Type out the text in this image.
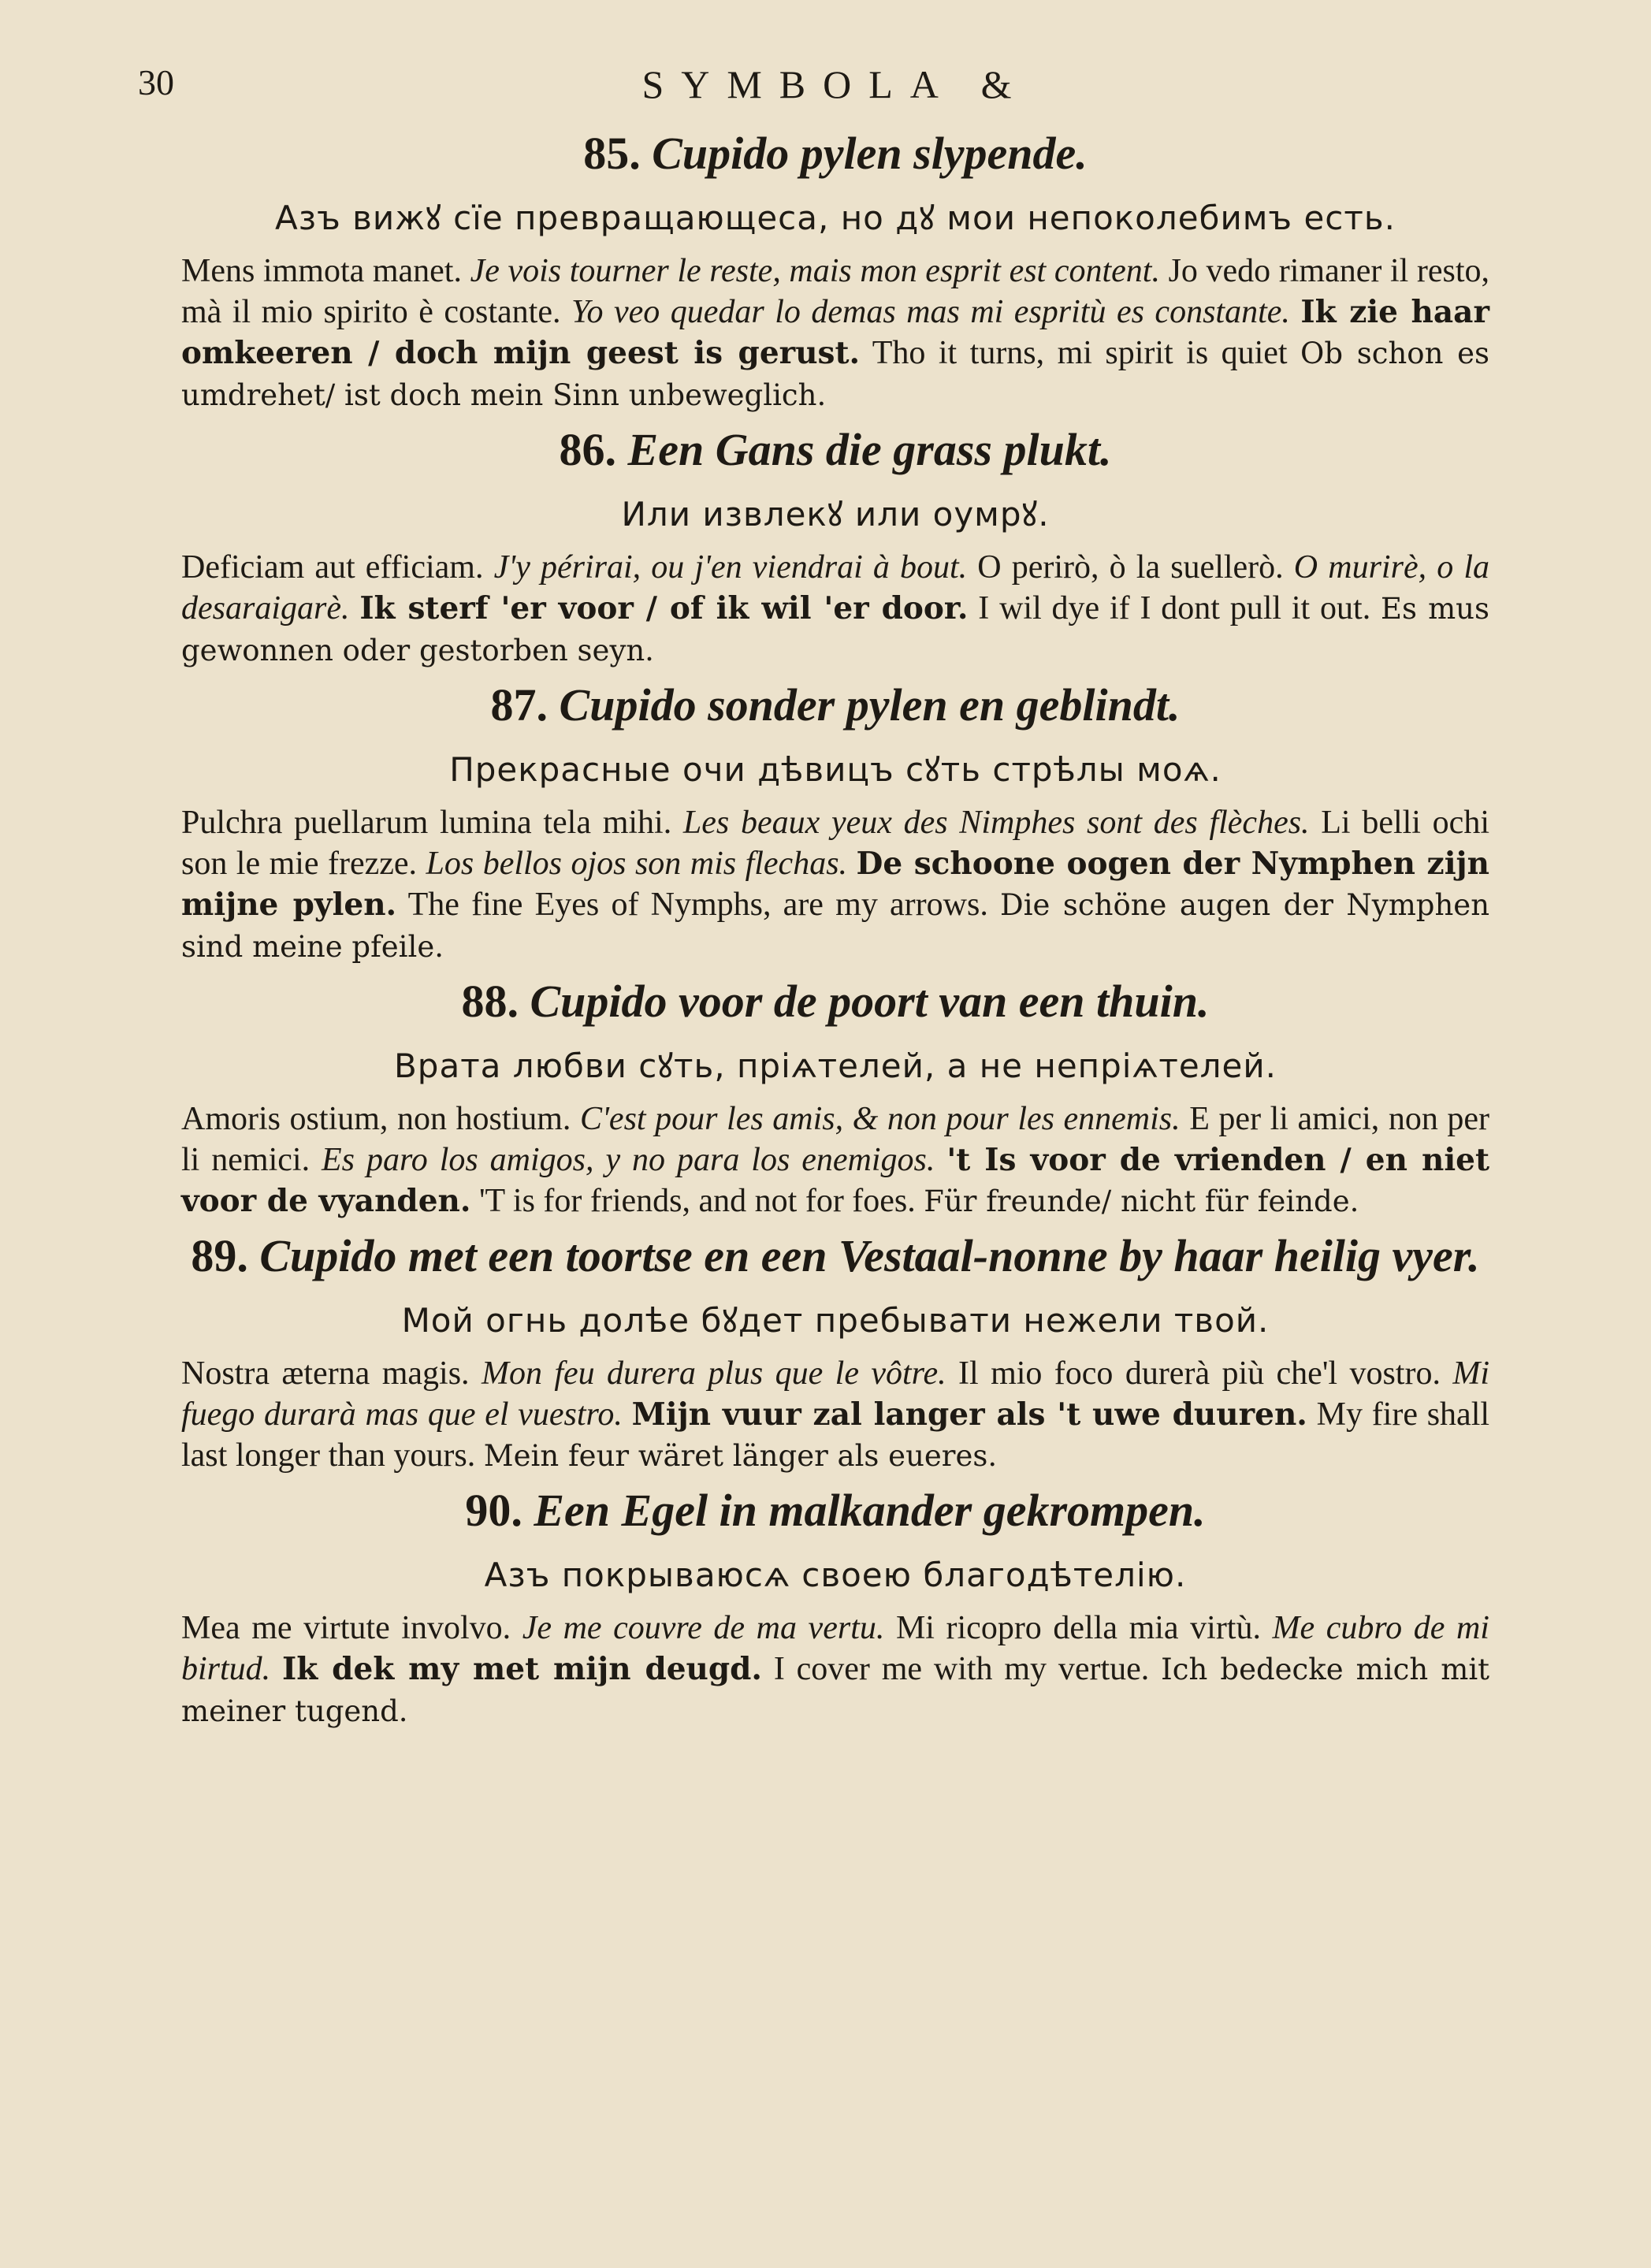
30	SYMBOLA &
85. Cupido pylen slypende.
Азъ вижꙋ сїе превращающеса, но дꙋ мои непоколебимъ есть.

Mens immota manet. Je vois tourner le reste, mais mon esprit est content. Jo vedo rimaner il resto, mà il mio spirito è costante. Yo veo quedar lo demas mas mi espritù es constante. Ik zie haar omkeeren / doch mijn geest is gerust. Tho it turns, mi spirit is quiet Ob schon es umdrehet/ ist doch mein Sinn unbeweglich.

86. Een Gans die grass plukt.
Или извлекꙋ или оумрꙋ.

Deficiam aut efficiam. J'y périrai, ou j'en viendrai à bout. O perirò, ò la suellerò. O murirè, o la desaraigarè. Ik sterf 'er voor / of ik wil 'er door. I wil dye if I dont pull it out. Es mus gewonnen oder gestorben seyn.

87. Cupido sonder pylen en geblindt.
Прекрасные очи дѣвицъ сꙋть стрѣлы моѧ.

Pulchra puellarum lumina tela mihi. Les beaux yeux des Nimphes sont des flèches. Li belli ochi son le mie frezze. Los bellos ojos son mis flechas. De schoone oogen der Nymphen zijn mijne pylen. The fine Eyes of Nymphs, are my arrows. Die schöne augen der Nymphen sind meine pfeile.

88. Cupido voor de poort van een thuin.
Врата любви сꙋть, пріѧтелей, а не непріѧтелей.

Amoris ostium, non hostium. C'est pour les amis, & non pour les ennemis. E per li amici, non per li nemici. Es paro los amigos, y no para los enemigos. 't Is voor de vrienden / en niet voor de vyanden. 'T is for friends, and not for foes. Für freunde/ nicht für feinde.

89. Cupido met een toortse en een Vestaal-nonne by haar heilig vyer.
Мой огнь долѣе бꙋдет пребывати нежели твой.

Nostra æterna magis. Mon feu durera plus que le vôtre. Il mio foco durerà più che'l vostro. Mi fuego durarà mas que el vuestro. Mijn vuur zal langer als 't uwe duuren. My fire shall last longer than yours. Mein feur wäret länger als eueres.

90. Een Egel in malkander gekrompen.
Азъ покрываюсѧ своею благодѣтелію.

Mea me virtute involvo. Je me couvre de ma vertu. Mi ricopro della mia virtù. Me cubro de mi birtud. Ik dek my met mijn deugd. I cover me with my vertue. Ich bedecke mich mit meiner tugend.
